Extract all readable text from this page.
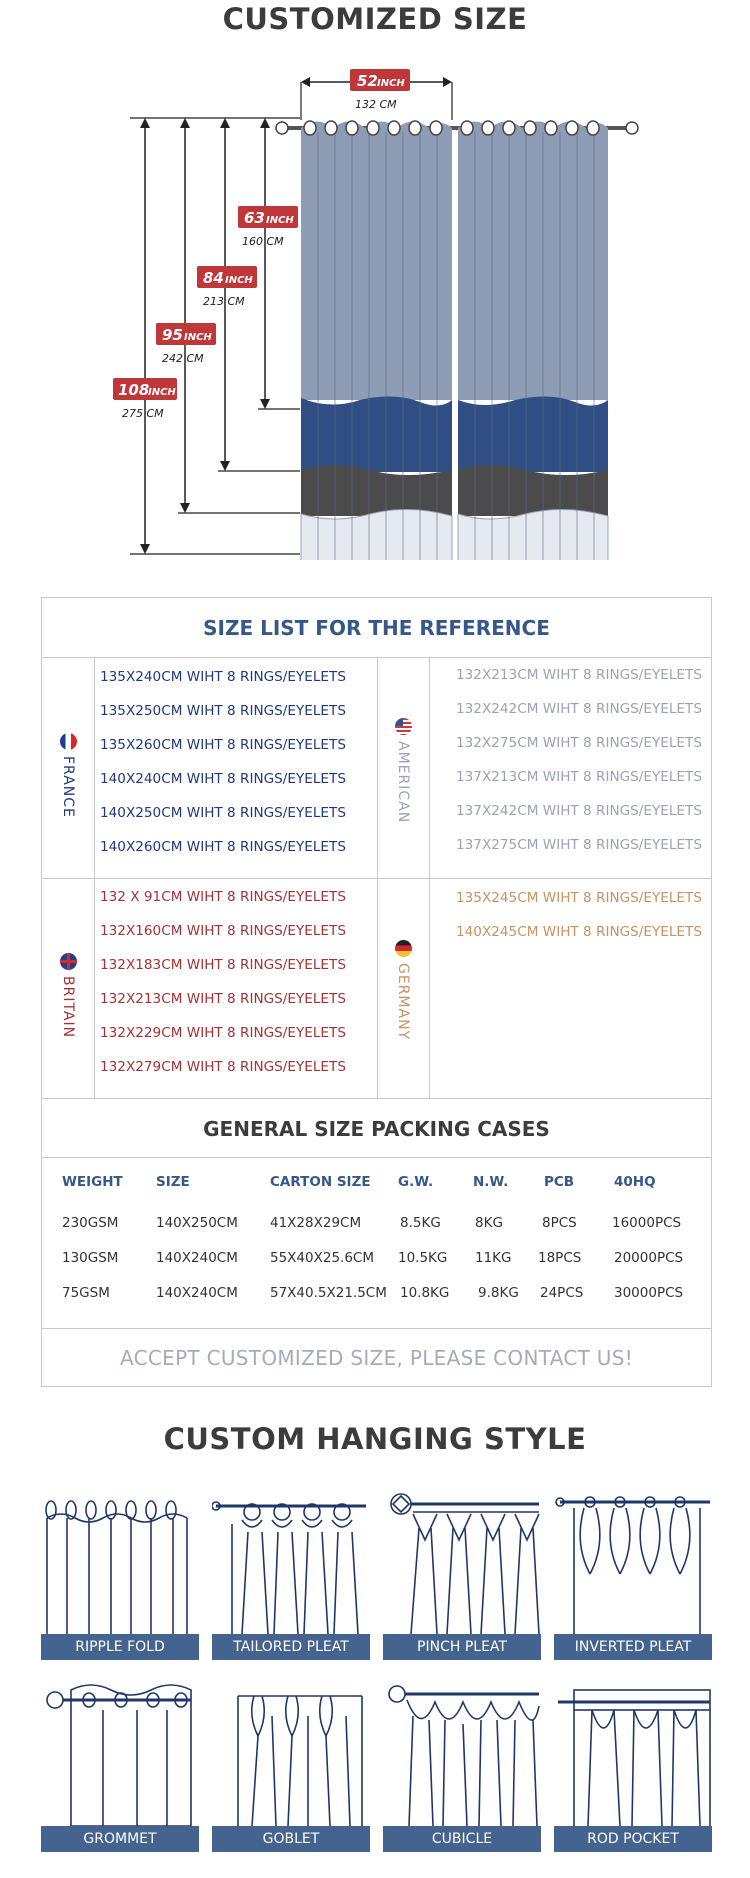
CUSTOMIZED SIZE
52 INCH
132 CM
63 INCH
160 CM
84 INCH
213 CM
95 INCH
242 CM
108
INCH
275 CM
SIZE LIST FOR THE REFERENCE
FRANCE
135X240CM WIHT 8 RINGS/EYELETS
135X250CM WIHT 8 RINGS/EYELETS
135X260CM WIHT 8 RINGS/EYELETS
140X240CM WIHT 8 RINGS/EYELETS
140X250CM WIHT 8 RINGS/EYELETS
140X260CM WIHT 8 RINGS/EYELETS
AMERICAN
132X213CM WIHT 8 RINGS/EYELETS
132X242CM WIHT 8 RINGS/EYELETS
132X275CM WIHT 8 RINGS/EYELETS
137X213CM WIHT 8 RINGS/EYELETS
137X242CM WIHT 8 RINGS/EYELETS
137X275CM WIHT 8 RINGS/EYELETS
BRITAIN
132 X 91CM WIHT 8 RINGS/EYELETS
132X160CM WIHT 8 RINGS/EYELETS
132X183CM WIHT 8 RINGS/EYELETS
132X213CM WIHT 8 RINGS/EYELETS
132X229CM WIHT 8 RINGS/EYELETS
132X279CM WIHT 8 RINGS/EYELETS
GERMANY
135X245CM WIHT 8 RINGS/EYELETS
140X245CM WIHT 8 RINGS/EYELETS
GENERAL SIZE PACKING CASES
WEIGHT SIZE	CARTON SIZE G.W.	N.W.	PCB	40HQ
230GSM	140X250CM 41X28X29CM	8.5KG	8KG	8PCS	16000PCS
130GSM	140X240CM 55X40X25.6CM 10.5KG 11KG 18PCS 20000PCS
75GSM	140X240CM 57X40.5X21.5CM 10.8KG 9.8KG 24PCS 30000PCS
ACCEPT CUSTOMIZED SIZE, PLEASE CONTACT US!
CUSTOM HANGING STYLE
RIPPLE FOLD	TAILORED PLEAT	PINCH PLEAT	INVERTED PLEAT
GROMMET	GOBLET	CUBICLE	ROD POCKET
